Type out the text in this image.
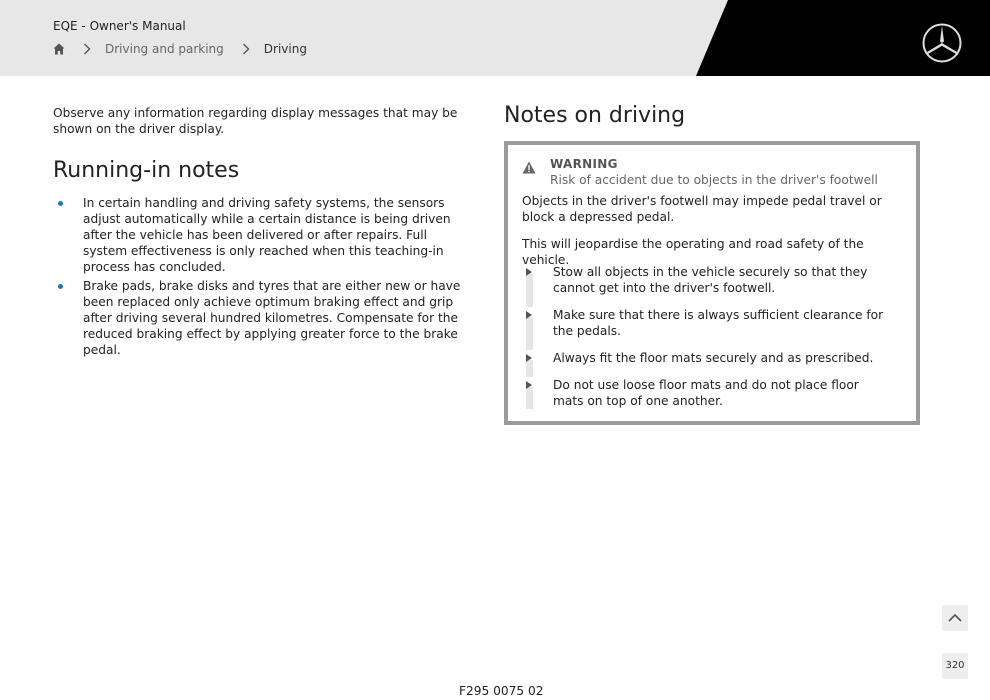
EQE - Owner's Manual
Driving and parking	Driving
Observe any information regarding display messages that may be shown on the driver display.
Running-in notes
In certain handling and driving safety systems, the sensors adjust automatically while a certain distance is being driven after the vehicle has been delivered or after repairs. Full system effectiveness is only reached when this teaching-in process has concluded.
Brake pads, brake disks and tyres that are either new or have been replaced only achieve optimum braking effect and grip after driving several hundred kilometres. Compensate for the reduced braking effect by applying greater force to the brake pedal.
Notes on driving
WARNING
Risk of accident due to objects in the driver's footwell
Objects in the driver's footwell may impede pedal travel or block a depressed pedal.
This will jeopardise the operating and road safety of the vehicle.
Stow all objects in the vehicle securely so that they cannot get into the driver's footwell.
Make sure that there is always sufficient clearance for the pedals.
Always fit the floor mats securely and as prescribed.
Do not use loose floor mats and do not place floor mats on top of one another.
320
F295 0075 02
